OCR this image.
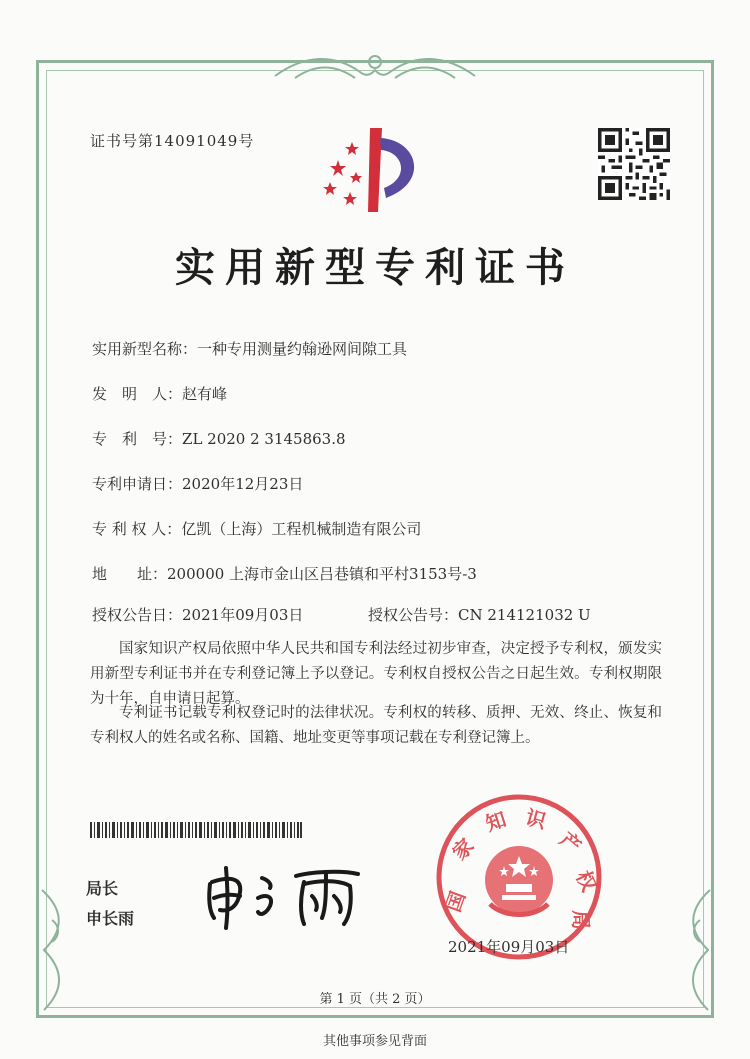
证书号第14091049号
实用新型专利证书
实用新型名称：一种专用测量约翰逊网间隙工具
发　明　人：赵有峰
专　利　号：ZL 2020 2 3145863.8
专利申请日：2020年12月23日
专 利 权 人：亿凯（上海）工程机械制造有限公司
地　　址：200000 上海市金山区吕巷镇和平村3153号-3
授权公告日：2021年09月03日	授权公告号：CN 214121032 U
国家知识产权局依照中华人民共和国专利法经过初步审查，决定授予专利权，颁发实用新型专利证书并在专利登记簿上予以登记。专利权自授权公告之日起生效。专利权期限为十年，自申请日起算。
专利证书记载专利权登记时的法律状况。专利权的转移、质押、无效、终止、恢复和专利权人的姓名或名称、国籍、地址变更等事项记载在专利登记簿上。
局长
申长雨
国
家
知 识
产
权
局
2021年09月03日
第 1 页（共 2 页）
其他事项参见背面
